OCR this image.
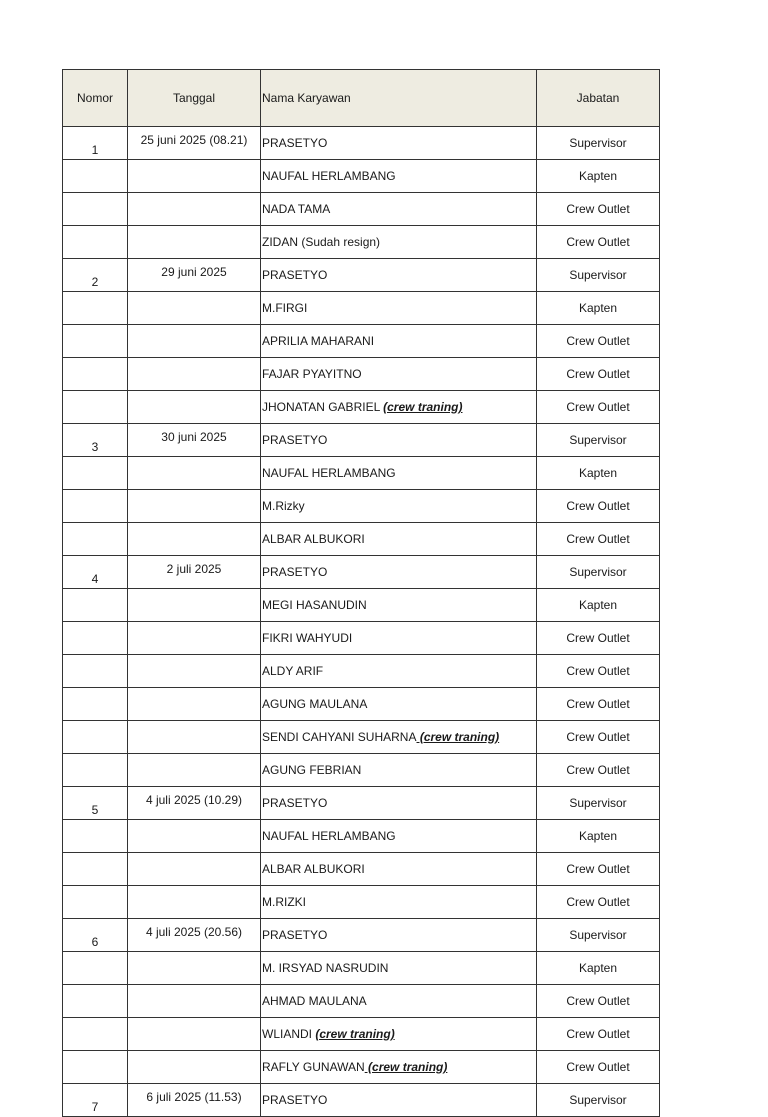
Nomor	Tanggal	Nama Karyawan	Jabatan
1	25 juni 2025 (08.21)	PRASETYO	Supervisor
		NAUFAL HERLAMBANG	Kapten
		NADA TAMA	Crew Outlet
		ZIDAN (Sudah resign)	Crew Outlet
2	29 juni 2025	PRASETYO	Supervisor
		M.FIRGI	Kapten
		APRILIA MAHARANI	Crew Outlet
		FAJAR PYAYITNO	Crew Outlet
		JHONATAN GABRIEL (crew traning)	Crew Outlet
3	30 juni 2025	PRASETYO	Supervisor
		NAUFAL HERLAMBANG	Kapten
		M.Rizky	Crew Outlet
		ALBAR ALBUKORI	Crew Outlet
4	2 juli 2025	PRASETYO	Supervisor
		MEGI HASANUDIN	Kapten
		FIKRI WAHYUDI	Crew Outlet
		ALDY ARIF	Crew Outlet
		AGUNG MAULANA	Crew Outlet
		SENDI CAHYANI SUHARNA (crew traning)	Crew Outlet
		AGUNG FEBRIAN	Crew Outlet
5	4 juli 2025 (10.29)	PRASETYO	Supervisor
		NAUFAL HERLAMBANG	Kapten
		ALBAR ALBUKORI	Crew Outlet
		M.RIZKI	Crew Outlet
6	4 juli 2025 (20.56)	PRASETYO	Supervisor
		M. IRSYAD NASRUDIN	Kapten
		AHMAD MAULANA	Crew Outlet
		WLIANDI (crew traning)	Crew Outlet
		RAFLY GUNAWAN (crew traning)	Crew Outlet
7	6 juli 2025 (11.53)	PRASETYO	Supervisor
